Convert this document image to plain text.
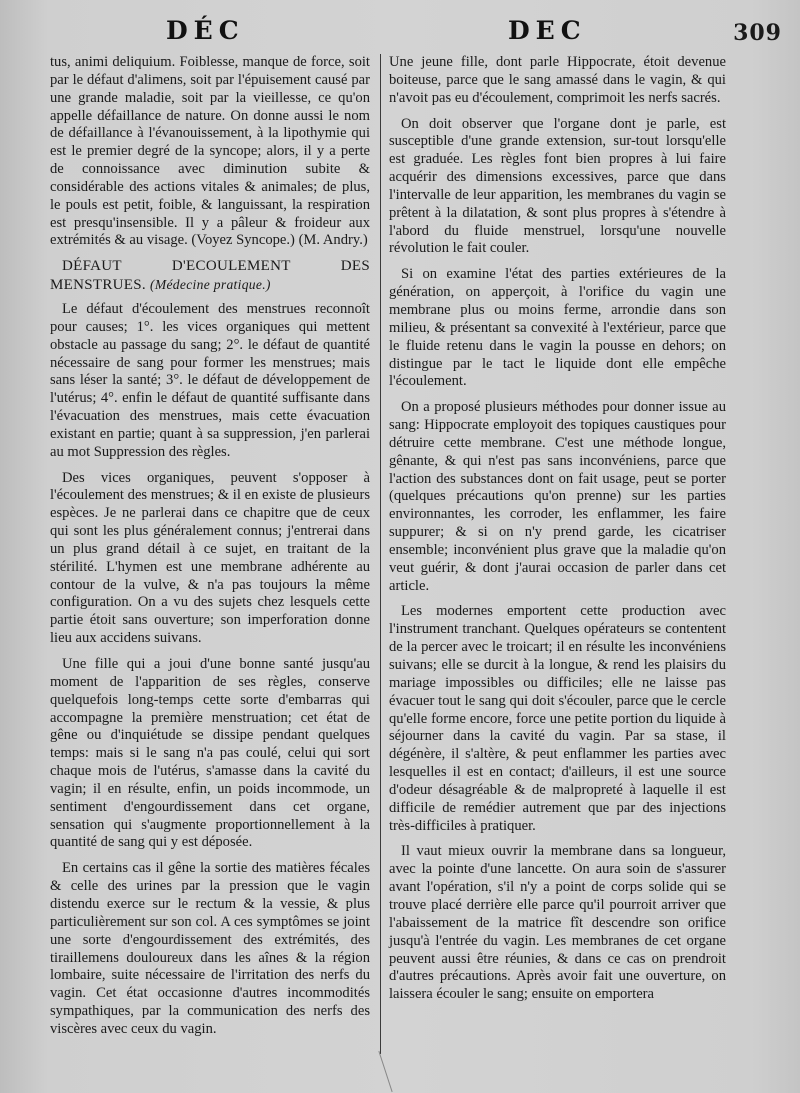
DÉC	DEC	309

tus, animi deliquium. Foiblesse, manque de force, soit par le défaut d'alimens, soit par l'épuisement causé par une grande maladie, soit par la vieillesse, ce qu'on appelle défaillance de nature. On donne aussi le nom de défaillance à l'évanouissement, à la lipothymie qui est le premier degré de la syncope; alors, il y a perte de connoissance avec diminution subite & considérable des actions vitales & animales; de plus, le pouls est petit, foible, & languissant, la respiration est presqu'insensible. Il y a pâleur & froideur aux extrémités & au visage. (Voyez Syncope.) (M. Andry.)

DÉFAUT D'ECOULEMENT DES MENSTRUES. (Médecine pratique.)

Le défaut d'écoulement des menstrues reconnoît pour causes; 1°. les vices organiques qui mettent obstacle au passage du sang; 2°. le défaut de quantité nécessaire de sang pour former les menstrues; mais sans léser la santé; 3°. le défaut de développement de l'utérus; 4°. enfin le défaut de quantité suffisante dans l'évacuation des menstrues, mais cette évacuation existant en partie; quant à sa suppression, j'en parlerai au mot Suppression des règles.

Des vices organiques, peuvent s'opposer à l'écoulement des menstrues; & il en existe de plusieurs espèces. Je ne parlerai dans ce chapitre que de ceux qui sont les plus généralement connus; j'entrerai dans un plus grand détail à ce sujet, en traitant de la stérilité. L'hymen est une membrane adhérente au contour de la vulve, & n'a pas toujours la même configuration. On a vu des sujets chez lesquels cette partie étoit sans ouverture; son imperforation donne lieu aux accidens suivans.

Une fille qui a joui d'une bonne santé jusqu'au moment de l'apparition de ses règles, conserve quelquefois long-temps cette sorte d'embarras qui accompagne la première menstruation; cet état de gêne ou d'inquiétude se dissipe pendant quelques temps: mais si le sang n'a pas coulé, celui qui sort chaque mois de l'utérus, s'amasse dans la cavité du vagin; il en résulte, enfin, un poids incommode, un sentiment d'engourdissement dans cet organe, sensation qui s'augmente proportionnellement à la quantité de sang qui y est déposée.

En certains cas il gêne la sortie des matières fécales & celle des urines par la pression que le vagin distendu exerce sur le rectum & la vessie, & plus particulièrement sur son col. A ces symptômes se joint une sorte d'engourdissement des extrémités, des tiraillemens douloureux dans les aînes & la région lombaire, suite nécessaire de l'irritation des nerfs du vagin. Cet état occasionne d'autres incommodités sympathiques, par la communication des nerfs des viscères avec ceux du vagin.

Une jeune fille, dont parle Hippocrate, étoit devenue boiteuse, parce que le sang amassé dans le vagin, & qui n'avoit pas eu d'écoulement, comprimoit les nerfs sacrés.

On doit observer que l'organe dont je parle, est susceptible d'une grande extension, sur-tout lorsqu'elle est graduée. Les règles font bien propres à lui faire acquérir des dimensions excessives, parce que dans l'intervalle de leur apparition, les membranes du vagin se prêtent à la dilatation, & sont plus propres à s'étendre à l'abord du fluide menstruel, lorsqu'une nouvelle révolution le fait couler.

Si on examine l'état des parties extérieures de la génération, on apperçoit, à l'orifice du vagin une membrane plus ou moins ferme, arrondie dans son milieu, & présentant sa convexité à l'extérieur, parce que le fluide retenu dans le vagin la pousse en dehors; on distingue par le tact le liquide dont elle empêche l'écoulement.

On a proposé plusieurs méthodes pour donner issue au sang: Hippocrate employoit des topiques caustiques pour détruire cette membrane. C'est une méthode longue, gênante, & qui n'est pas sans inconvéniens, parce que l'action des substances dont on fait usage, peut se porter (quelques précautions qu'on prenne) sur les parties environnantes, les corroder, les enflammer, les faire suppurer; & si on n'y prend garde, les cicatriser ensemble; inconvénient plus grave que la maladie qu'on veut guérir, & dont j'aurai occasion de parler dans cet article.

Les modernes emportent cette production avec l'instrument tranchant. Quelques opérateurs se contentent de la percer avec le troicart; il en résulte les inconvéniens suivans; elle se durcit à la longue, & rend les plaisirs du mariage impossibles ou difficiles; elle ne laisse pas évacuer tout le sang qui doit s'écouler, parce que le cercle qu'elle forme encore, force une petite portion du liquide à séjourner dans la cavité du vagin. Par sa stase, il dégénère, il s'altère, & peut enflammer les parties avec lesquelles il est en contact; d'ailleurs, il est une source d'odeur désagréable & de malpropreté à laquelle il est difficile de remédier autrement que par des injections très-difficiles à pratiquer.

Il vaut mieux ouvrir la membrane dans sa longueur, avec la pointe d'une lancette. On aura soin de s'assurer avant l'opération, s'il n'y a point de corps solide qui se trouve placé derrière elle parce qu'il pourroit arriver que l'abaissement de la matrice fît descendre son orifice jusqu'à l'entrée du vagin. Les membranes de cet organe peuvent aussi être réunies, & dans ce cas on prendroit d'autres précautions. Après avoir fait une ouverture, on laissera écouler le sang; ensuite on emportera
